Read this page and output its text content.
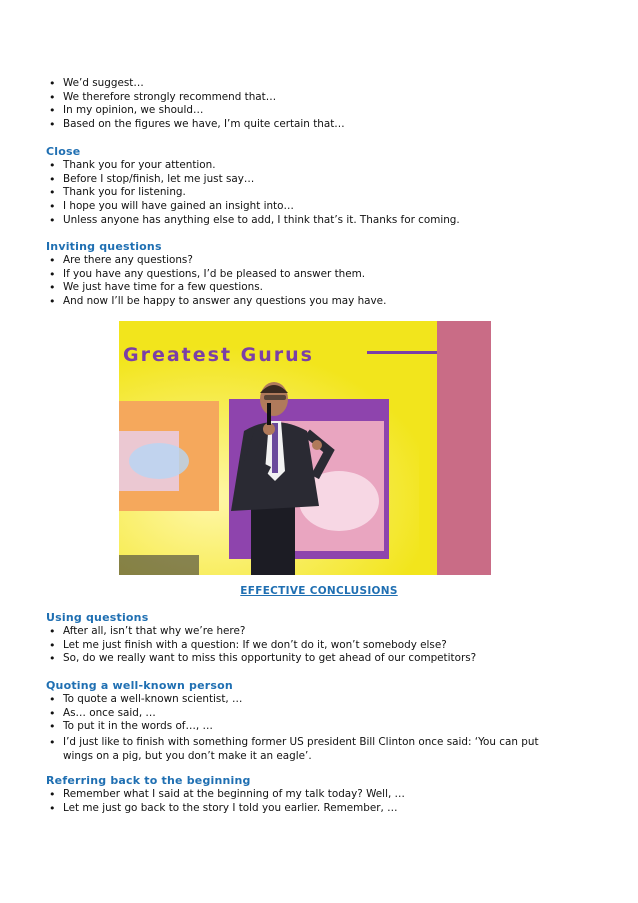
• We’d suggest…
• We therefore strongly recommend that…
• In my opinion, we should…
• Based on the figures we have, I’m quite certain that…
Close
• Thank you for your attention.
• Before I stop/finish, let me just say…
• Thank you for listening.
• I hope you will have gained an insight into…
• Unless anyone has anything else to add, I think that’s it. Thanks for coming.
Inviting questions
• Are there any questions?
• If you have any questions, I’d be pleased to answer them.
• We just have time for a few questions.
• And now I’ll be happy to answer any questions you may have.
Greatest Gurus
EFFECTIVE CONCLUSIONS
Using questions
• After all, isn’t that why we’re here?
• Let me just finish with a question: If we don’t do it, won’t somebody else?
• So, do we really want to miss this opportunity to get ahead of our competitors?
Quoting a well-known person
• To quote a well-known scientist, …
• As… once said, …
• To put it in the words of…, …
• I’d just like to finish with something former US president Bill Clinton once said: ‘You can put wings on a pig, but you don’t make it an eagle’.
Referring back to the beginning
• Remember what I said at the beginning of my talk today? Well, …
• Let me just go back to the story I told you earlier. Remember, …
